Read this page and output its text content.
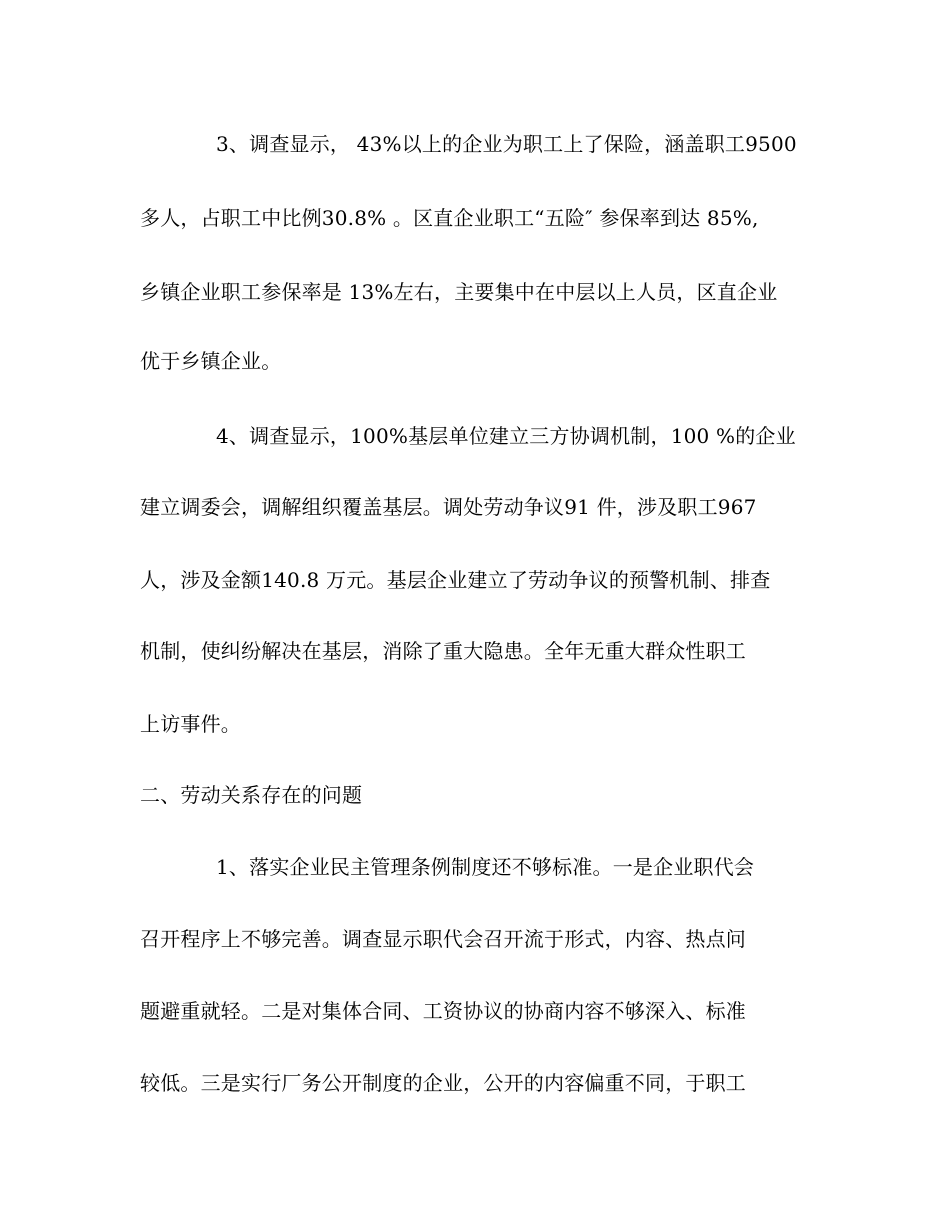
3、调查显示， 43%以上的企业为职工上了保险，涵盖职工9500
多人，占职工中比例30.8% 。区直企业职工“五险″ 参保率到达 85%,
乡镇企业职工参保率是 13%左右，主要集中在中层以上人员，区直企业
优于乡镇企业。
4、调查显示，100%基层单位建立三方协调机制，100 %的企业
建立调委会，调解组织覆盖基层。调处劳动争议91 件，涉及职工967
人，涉及金额140.8 万元。基层企业建立了劳动争议的预警机制、排查
机制，使纠纷解决在基层，消除了重大隐患。全年无重大群众性职工
上访事件。
二、劳动关系存在的问题
1、落实企业民主管理条例制度还不够标准。一是企业职代会
召开程序上不够完善。调查显示职代会召开流于形式，内容、热点问
题避重就轻。二是对集体合同、工资协议的协商内容不够深入、标准
较低。三是实行厂务公开制度的企业，公开的内容偏重不同，于职工
